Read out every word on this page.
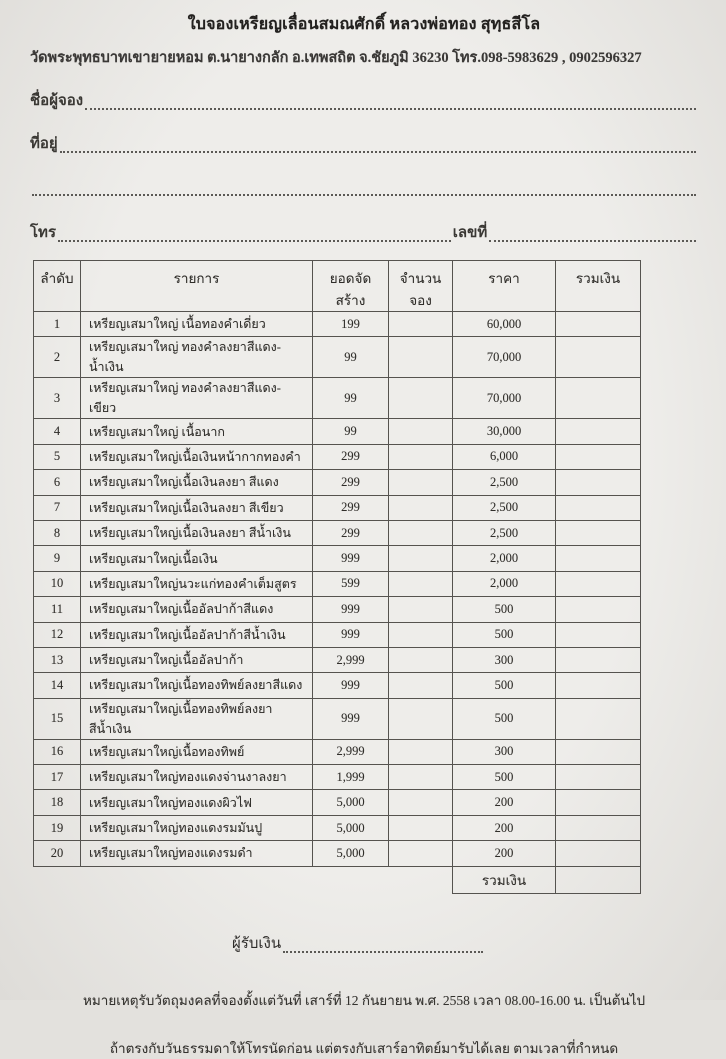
ใบจองเหรียญเลื่อนสมณศักดิ์ หลวงพ่อทอง สุทฺธสีโล
วัดพระพุทธบาทเขายายหอม ต.นายางกลัก อ.เทพสถิต จ.ชัยภูมิ 36230 โทร.098-5983629 , 0902596327
ชื่อผู้จอง
ที่อยู่
โทร	เลขที่
ลำดับ	รายการ	ยอดจัดสร้าง	จำนวนจอง	ราคา	รวมเงิน
1	เหรียญเสมาใหญ่ เนื้อทองคำเดี่ยว	199		60,000	
2	เหรียญเสมาใหญ่ ทองคำลงยาสีแดง-น้ำเงิน	99		70,000	
3	เหรียญเสมาใหญ่ ทองคำลงยาสีแดง-เขียว	99		70,000	
4	เหรียญเสมาใหญ่ เนื้อนาก	99		30,000	
5	เหรียญเสมาใหญ่เนื้อเงินหน้ากากทองคำ	299		6,000	
6	เหรียญเสมาใหญ่เนื้อเงินลงยา สีแดง	299		2,500	
7	เหรียญเสมาใหญ่เนื้อเงินลงยา สีเขียว	299		2,500	
8	เหรียญเสมาใหญ่เนื้อเงินลงยา สีน้ำเงิน	299		2,500	
9	เหรียญเสมาใหญ่เนื้อเงิน	999		2,000	
10	เหรียญเสมาใหญ่นวะแก่ทองคำเต็มสูตร	599		2,000	
11	เหรียญเสมาใหญ่เนื้ออัลปาก้าสีแดง	999		500	
12	เหรียญเสมาใหญ่เนื้ออัลปาก้าสีน้ำเงิน	999		500	
13	เหรียญเสมาใหญ่เนื้ออัลปาก้า	2,999		300	
14	เหรียญเสมาใหญ่เนื้อทองทิพย์ลงยาสีแดง	999		500	
15	เหรียญเสมาใหญ่เนื้อทองทิพย์ลงยาสีน้ำเงิน	999		500	
16	เหรียญเสมาใหญ่เนื้อทองทิพย์	2,999		300	
17	เหรียญเสมาใหญ่ทองแดงจ่านงาลงยา	1,999		500	
18	เหรียญเสมาใหญ่ทองแดงผิวไฟ	5,000		200	
19	เหรียญเสมาใหญ่ทองแดงรมมันปู	5,000		200	
20	เหรียญเสมาใหญ่ทองแดงรมดำ	5,000		200	
				รวมเงิน	
ผู้รับเงิน
หมายเหตุรับวัตถุมงคลที่จองตั้งแต่วันที่ เสาร์ที่ 12 กันยายน พ.ศ. 2558 เวลา 08.00-16.00 น. เป็นต้นไป
ถ้าตรงกับวันธรรมดาให้โทรนัดก่อน แต่ตรงกับเสาร์อาทิตย์มารับได้เลย ตามเวลาที่กำหนด
